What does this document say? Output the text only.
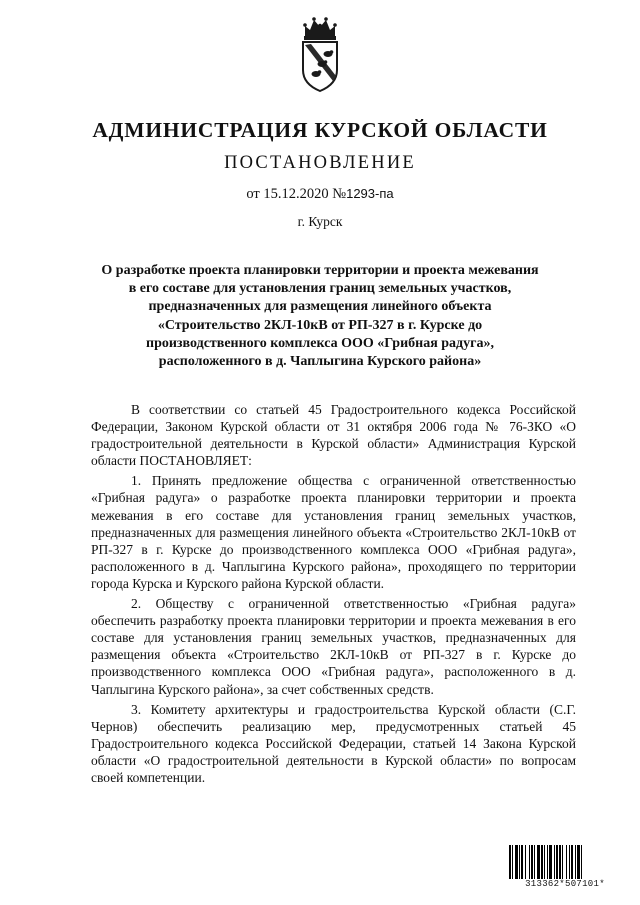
АДМИНИСТРАЦИЯ КУРСКОЙ ОБЛАСТИ
ПОСТАНОВЛЕНИЕ
от 15.12.2020 №1293-па
г. Курск
О разработке проекта планировки территории и проекта межевания
в его составе для установления границ земельных участков,
предназначенных для размещения линейного объекта
«Строительство 2КЛ-10кВ от РП-327 в г. Курске до
производственного комплекса ООО «Грибная радуга»,
расположенного в д. Чаплыгина Курского района»

В соответствии со статьей 45 Градостроительного кодекса Российской Федерации, Законом Курской области от 31 октября 2006 года № 76-ЗКО «О градостроительной деятельности в Курской области» Администрация Курской области ПОСТАНОВЛЯЕТ:

1. Принять предложение общества с ограниченной ответственностью «Грибная радуга» о разработке проекта планировки территории и проекта межевания в его составе для установления границ земельных участков, предназначенных для размещения линейного объекта «Строительство 2КЛ-10кВ от РП-327 в г. Курске до производственного комплекса ООО «Грибная радуга», расположенного в д. Чаплыгина Курского района», проходящего по территории города Курска и Курского района Курской области.

2. Обществу с ограниченной ответственностью «Грибная радуга» обеспечить разработку проекта планировки территории и проекта межевания в его составе для установления границ земельных участков, предназначенных для размещения объекта «Строительство 2КЛ-10кВ от РП-327 в г. Курске до производственного комплекса ООО «Грибная радуга», расположенного в д. Чаплыгина Курского района», за счет собственных средств.

3. Комитету архитектуры и градостроительства Курской области (С.Г. Чернов) обеспечить реализацию мер, предусмотренных статьей 45 Градостроительного кодекса Российской Федерации, статьей 14 Закона Курской области «О градостроительной деятельности в Курской области» по вопросам своей компетенции.

313362*507101*
